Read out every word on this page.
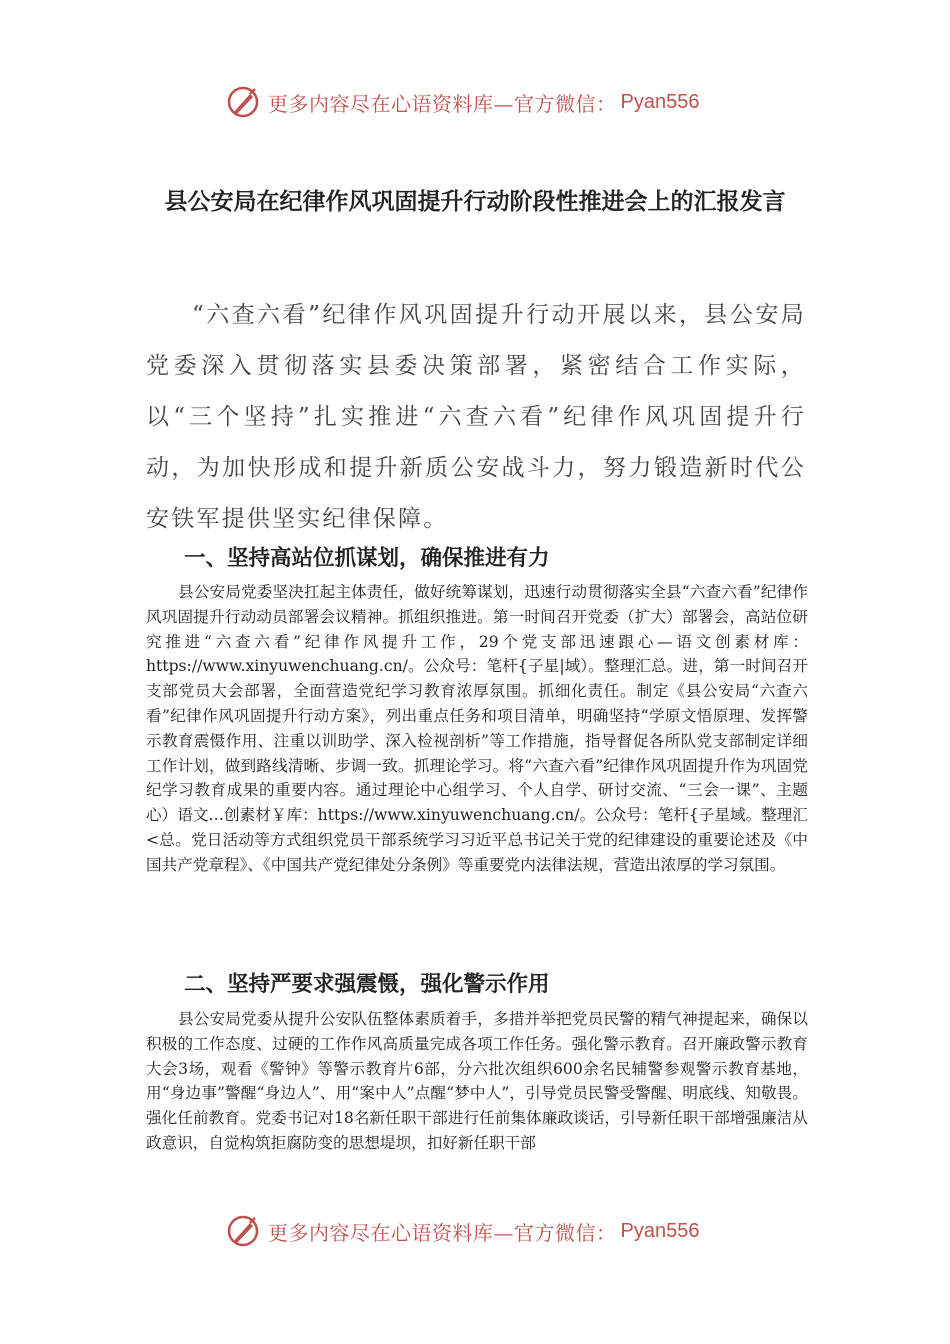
更多内容尽在心语资料库—官方微信： Pyan556
县公安局在纪律作风巩固提升行动阶段性推进会上的汇报发言

“六查六看”纪律作风巩固提升行动开展以来，县公安局党委深入贯彻落实县委决策部署，紧密结合工作实际，以“三个坚持”扎实推进“六查六看”纪律作风巩固提升行动，为加快形成和提升新质公安战斗力，努力锻造新时代公安铁军提供坚实纪律保障。

一、坚持高站位抓谋划，确保推进有力

县公安局党委坚决扛起主体责任，做好统筹谋划，迅速行动贯彻落实全县“六查六看”纪律作风巩固提升行动动员部署会议精神。抓组织推进。第一时间召开党委（扩大）部署会，高站位研究推进“六查六看”纪律作风提升工作，29个党支部迅速跟心—语文创素材库：https://www.xinyuwenchuang.cn/。公众号：笔杆{子星|域）。整理汇总。进，第一时间召开支部党员大会部署，全面营造党纪学习教育浓厚氛围。抓细化责任。制定《县公安局“六查六看”纪律作风巩固提升行动方案》，列出重点任务和项目清单，明确坚持“学原文悟原理、发挥警示教育震慑作用、注重以训助学、深入检视剖析”等工作措施，指导督促各所队党支部制定详细工作计划，做到路线清晰、步调一致。抓理论学习。将“六查六看”纪律作风巩固提升作为巩固党纪学习教育成果的重要内容。通过理论中心组学习、个人自学、研讨交流、“三会一课”、主题心）语文…创素材￥库：https://www.xinyuwenchuang.cn/。公众号：笔杆{子星域。整理汇<总。党日活动等方式组织党员干部系统学习习近平总书记关于党的纪律建设的重要论述及《中国共产党章程》、《中国共产党纪律处分条例》等重要党内法律法规，营造出浓厚的学习氛围。

二、坚持严要求强震慑，强化警示作用

县公安局党委从提升公安队伍整体素质着手，多措并举把党员民警的精气神提起来，确保以积极的工作态度、过硬的工作作风高质量完成各项工作任务。强化警示教育。召开廉政警示教育大会3场，观看《警钟》等警示教育片6部，分六批次组织600余名民辅警参观警示教育基地，用“身边事”警醒“身边人”、用“案中人”点醒“梦中人”，引导党员民警受警醒、明底线、知敬畏。强化任前教育。党委书记对18名新任职干部进行任前集体廉政谈话，引导新任职干部增强廉洁从政意识，自觉构筑拒腐防变的思想堤坝，扣好新任职干部

更多内容尽在心语资料库—官方微信： Pyan556
